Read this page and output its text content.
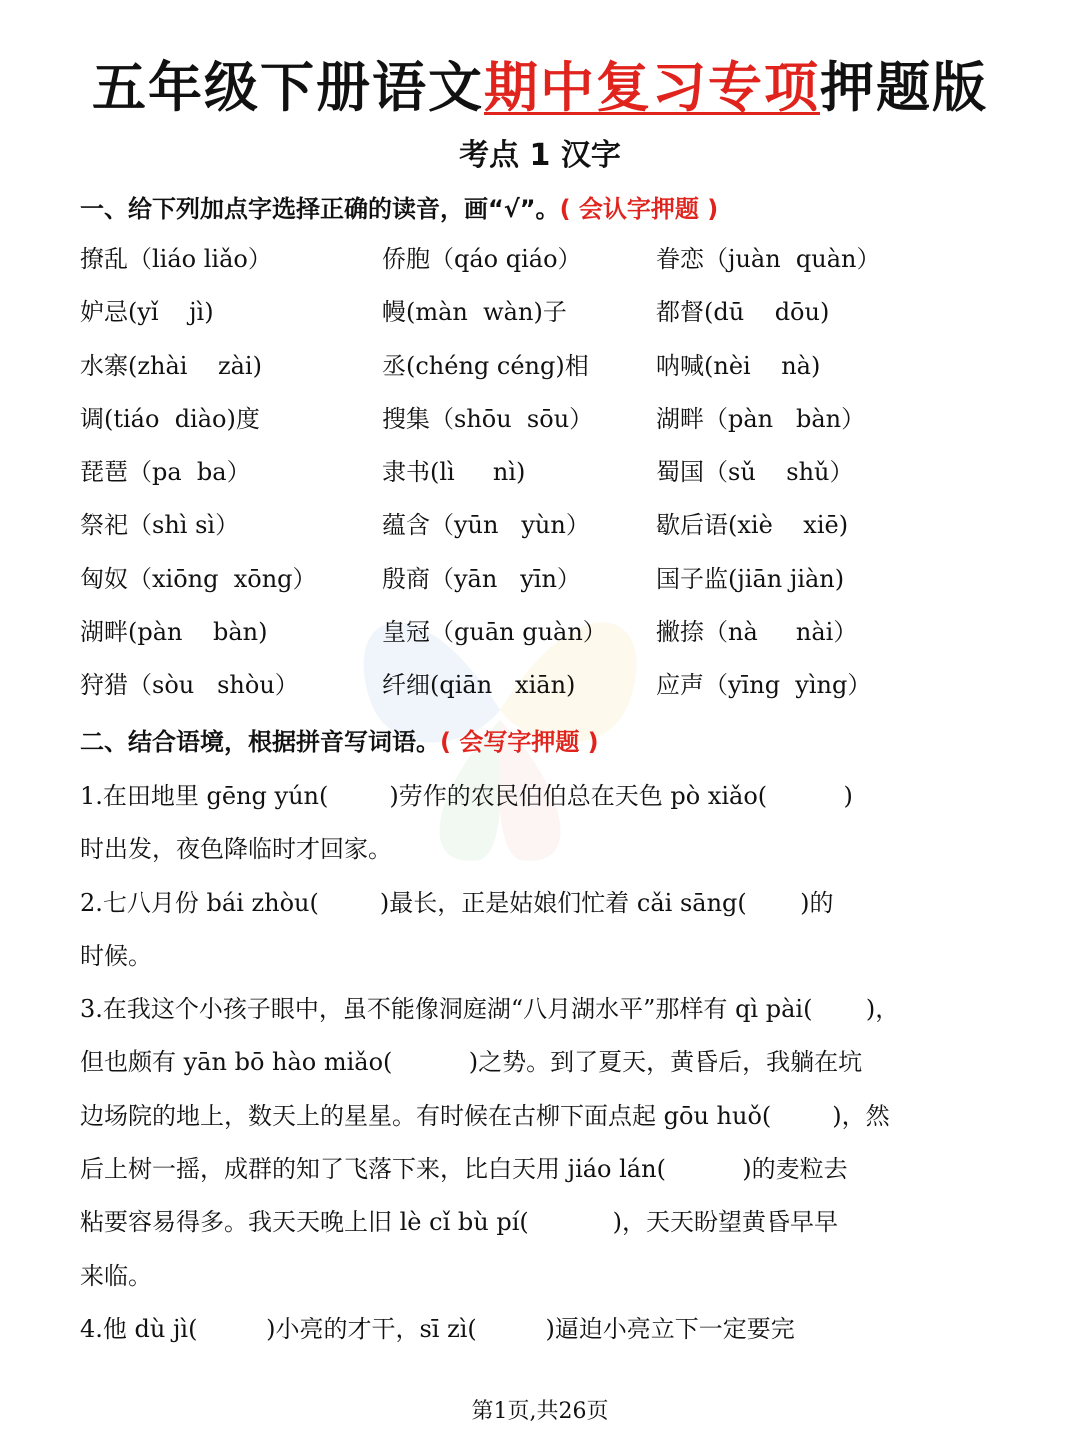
五年级下册语文期中复习专项押题版
考点 1 汉字
一、给下列加点字选择正确的读音，画“√”。( 会认字押题 )
撩乱（liáo liǎo）	侨胞（qáo qiáo）	眷恋（juàn  quàn）
妒忌(yǐ    jì)	幔(màn  wàn)子	都督(dū    dōu)
水寨(zhài    zài)	丞(chéng céng)相	呐喊(nèi    nà)
调(tiáo  diào)度	搜集（shōu  sōu）	湖畔（pàn   bàn）
琵琶（pa  ba）	隶书(lì     nì)	蜀国（sǔ    shǔ）
祭祀（shì sì）	蕴含（yūn   yùn）	歇后语(xiè    xiē)
匈奴（xiōng  xōng）	殷商（yān   yīn）	国子监(jiān jiàn)
湖畔(pàn    bàn)	皇冠（guān guàn） 撇捺（nà     nài）
狩猎（sòu   shòu）	纤细(qiān   xiān)	应声（yīng  yìng）
二、结合语境，根据拼音写词语。( 会写字押题 )
1.在田地里 gēng yún(        )劳作的农民伯伯总在天色 pò xiǎo(          )
时出发，夜色降临时才回家。
2.七八月份 bái zhòu(        )最长，正是姑娘们忙着 cǎi sāng(       )的
时候。
3.在我这个小孩子眼中，虽不能像洞庭湖“八月湖水平”那样有 qì pài(       )，
但也颇有 yān bō hào miǎo(          )之势。到了夏天，黄昏后，我躺在坑
边场院的地上，数天上的星星。有时候在古柳下面点起 gōu huǒ(        )，然
后上树一摇，成群的知了飞落下来，比白天用 jiáo lán(          )的麦粒去
粘要容易得多。我天天晚上旧 lè cǐ bù pí(           )，天天盼望黄昏早早
来临。
4.他 dù jì(         )小亮的才干，sī zì(         )逼迫小亮立下一定要完
第1页,共26页
